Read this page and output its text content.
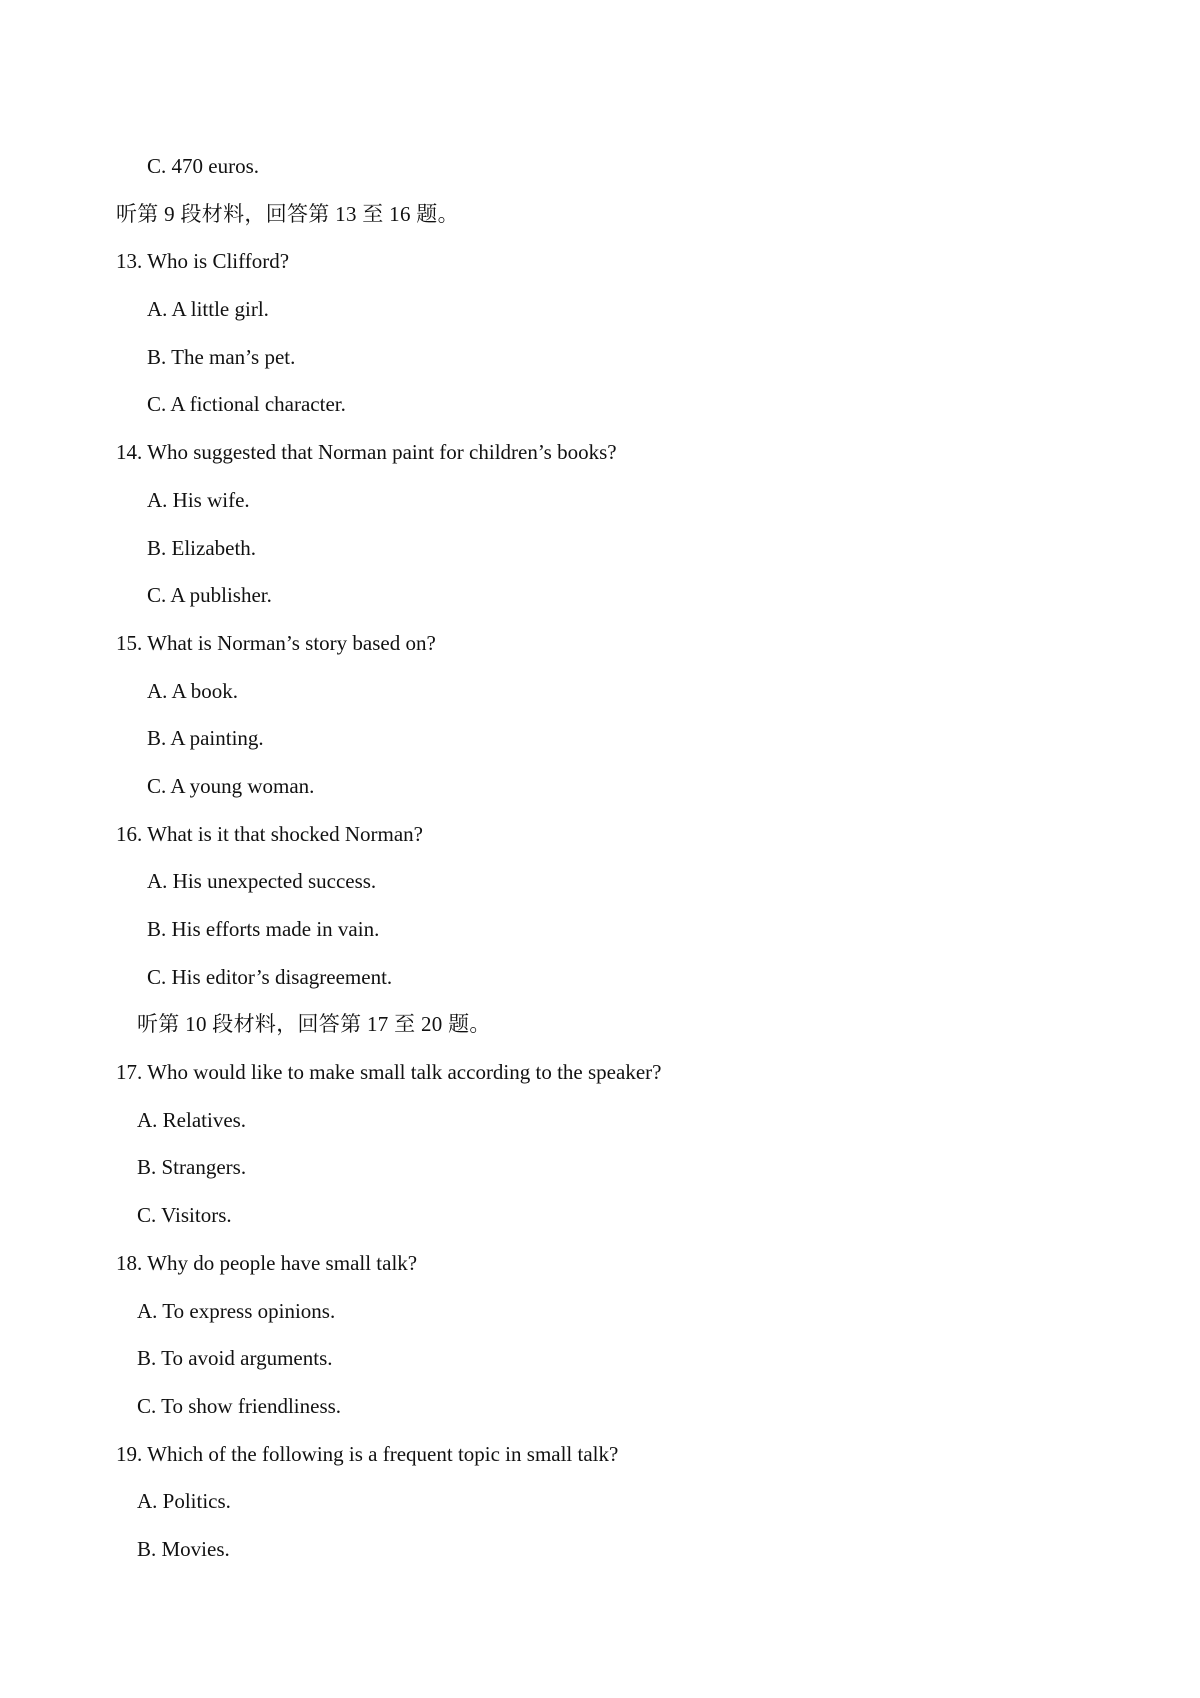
C. 470 euros.
听第 9 段材料，回答第 13 至 16 题。
13. Who is Clifford?
A. A little girl.
B. The man’s pet.
C. A fictional character.
14. Who suggested that Norman paint for children’s books?
A. His wife.
B. Elizabeth.
C. A publisher.
15. What is Norman’s story based on?
A. A book.
B. A painting.
C. A young woman.
16. What is it that shocked Norman?
A. His unexpected success.
B. His efforts made in vain.
C. His editor’s disagreement.
听第 10 段材料，回答第 17 至 20 题。
17. Who would like to make small talk according to the speaker?
A. Relatives.
B. Strangers.
C. Visitors.
18. Why do people have small talk?
A. To express opinions.
B. To avoid arguments.
C. To show friendliness.
19. Which of the following is a frequent topic in small talk?
A. Politics.
B. Movies.
